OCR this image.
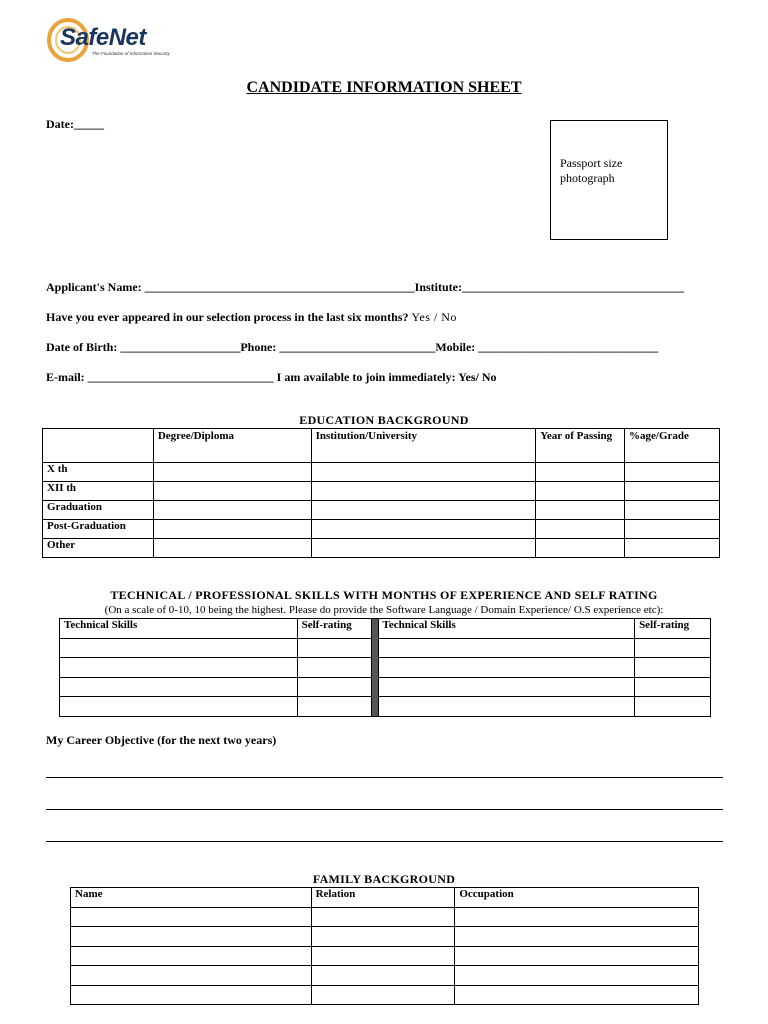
SafeNet
The Foundation of Information Security
CANDIDATE INFORMATION SHEET
Date:_____
Passport size
photograph
Applicant's Name: _____________________________________________Institute:_____________________________________
Have you ever appeared in our selection process in the last six months? Yes / No
Date of Birth: ____________________Phone: __________________________Mobile: ______________________________
E-mail: _______________________________ I am available to join immediately: Yes/ No
EDUCATION BACKGROUND
	Degree/Diploma	Institution/University	Year of Passing	%age/Grade
X th				
XII th				
Graduation				
Post-Graduation				
Other				
TECHNICAL / PROFESSIONAL SKILLS WITH MONTHS OF EXPERIENCE AND SELF RATING
(On a scale of 0-10, 10 being the highest. Please do provide the Software Language / Domain Experience/ O.S experience etc):
Technical Skills	Self-rating		Technical Skills	Self-rating

My Career Objective (for the next two years)
FAMILY BACKGROUND
Name	Relation	Occupation
